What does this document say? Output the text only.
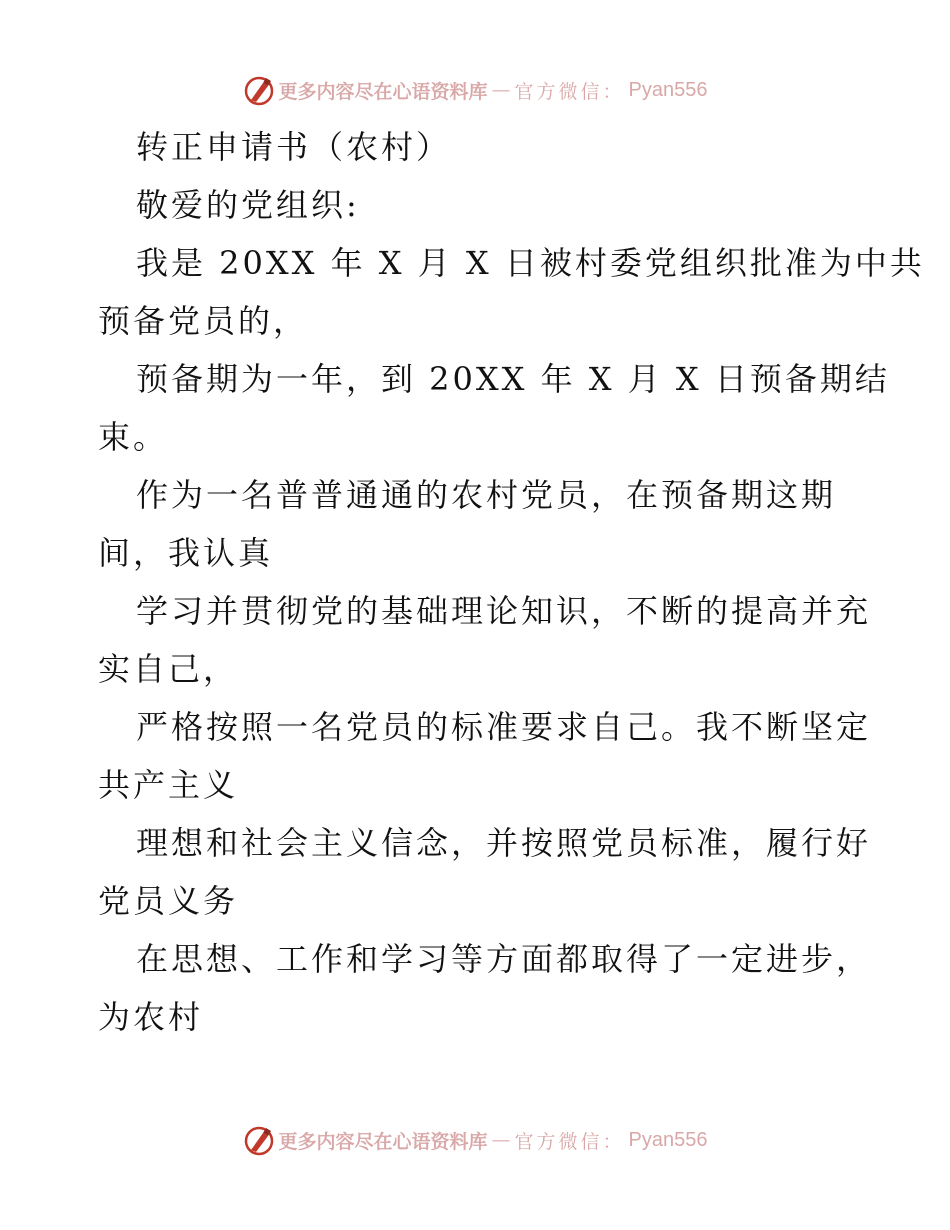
更多内容尽在心语资料库 — 官方微信： Pyan556
转正申请书（农村）
敬爱的党组织:
我是 20XX 年 X 月 X 日被村委党组织批准为中共
预备党员的，
预备期为一年，到 20XX 年 X 月 X 日预备期结
束。
作为一名普普通通的农村党员，在预备期这期
间，我认真
学习并贯彻党的基础理论知识，不断的提高并充
实自己，
严格按照一名党员的标准要求自己。我不断坚定
共产主义
理想和社会主义信念，并按照党员标准，履行好
党员义务
在思想、工作和学习等方面都取得了一定进步，
为农村
更多内容尽在心语资料库 — 官方微信： Pyan556
